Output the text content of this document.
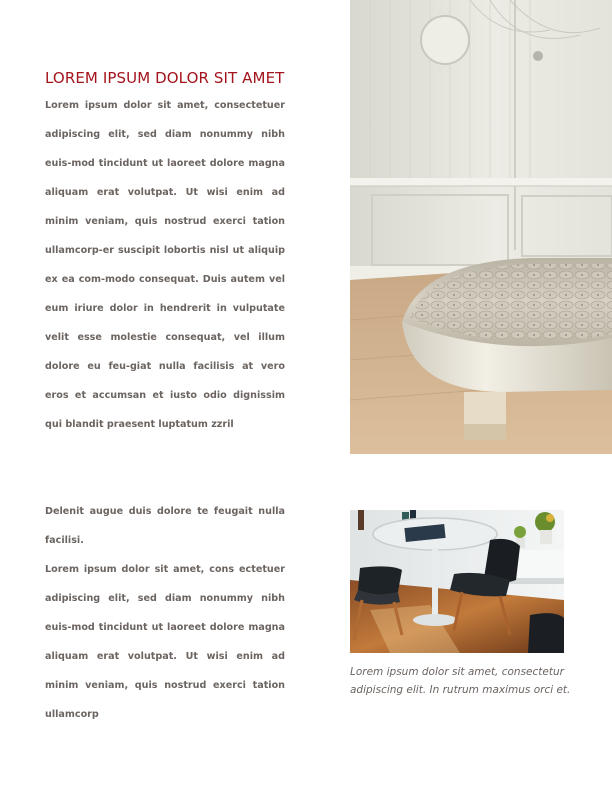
LOREM IPSUM DOLOR SIT AMET
Lorem ipsum dolor sit amet, consectetuer adipiscing elit, sed diam nonummy nibh euis-mod tincidunt ut laoreet dolore magna aliquam erat volutpat. Ut wisi enim ad minim veniam, quis nostrud exerci tation ullamcorp-er suscipit lobortis nisl ut aliquip ex ea com-modo consequat. Duis autem vel eum iriure dolor in hendrerit in vulputate velit esse molestie consequat, vel illum dolore eu feu-giat nulla facilisis at vero eros et accumsan et iusto odio dignissim qui blandit praesent luptatum zzril

Delenit augue duis dolore te feugait nulla facilisi.

Lorem ipsum dolor sit amet, cons ectetuer adipiscing elit, sed diam nonummy nibh euis-mod tincidunt ut laoreet dolore magna aliquam erat volutpat. Ut wisi enim ad minim veniam, quis nostrud exerci tation ullamcorp

Lorem ipsum dolor sit amet, consectetur
adipiscing elit. In rutrum maximus orci et.
